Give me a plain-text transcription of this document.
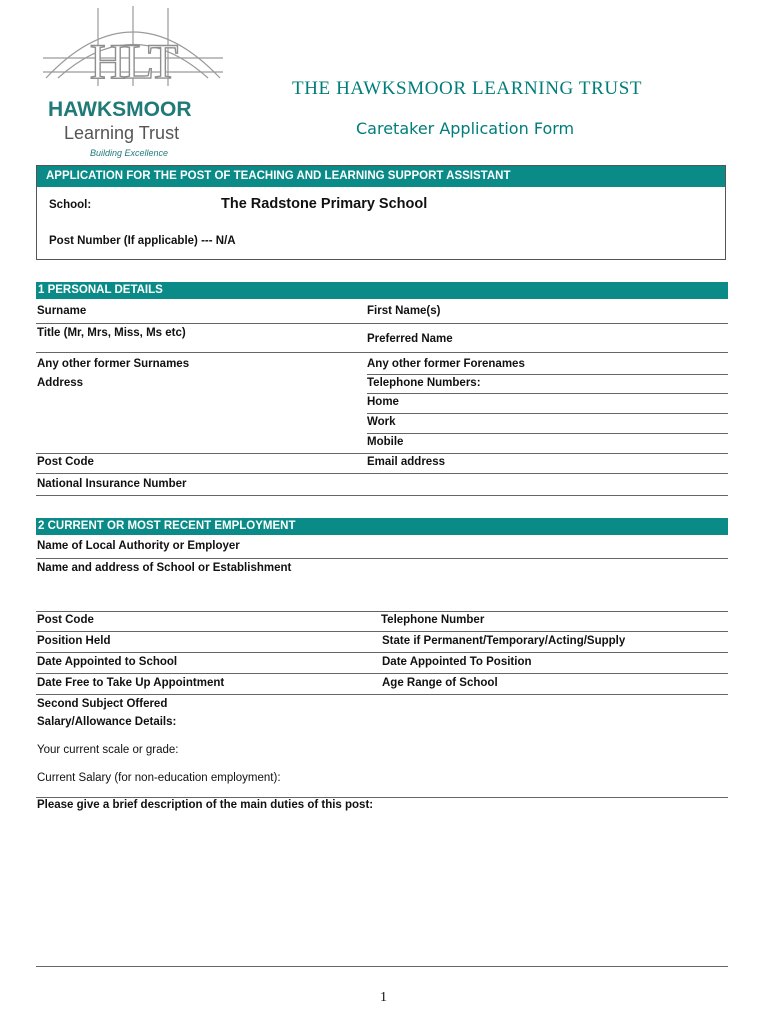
HLT
HAWKSMOOR
Learning Trust
Building Excellence
THE HAWKSMOOR LEARNING TRUST
Caretaker Application Form
APPLICATION FOR THE POST OF TEACHING AND LEARNING SUPPORT ASSISTANT
School:	The Radstone Primary School
Post Number (If applicable) --- N/A
1 PERSONAL DETAILS
Surname	First Name(s)
Title (Mr, Mrs, Miss, Ms etc)	Preferred Name
Any other former Surnames	Any other former Forenames
Address	Telephone Numbers:
Home
Work
Mobile
Post Code	Email address
National Insurance Number
2 CURRENT OR MOST RECENT EMPLOYMENT
Name of Local Authority or Employer
Name and address of School or Establishment
Post Code	Telephone Number
Position Held	State if Permanent/Temporary/Acting/Supply
Date Appointed to School	Date Appointed To Position
Date Free to Take Up Appointment	Age Range of School
Second Subject Offered
Salary/Allowance Details:
Your current scale or grade:
Current Salary (for non-education employment):
Please give a brief description of the main duties of this post:
1
